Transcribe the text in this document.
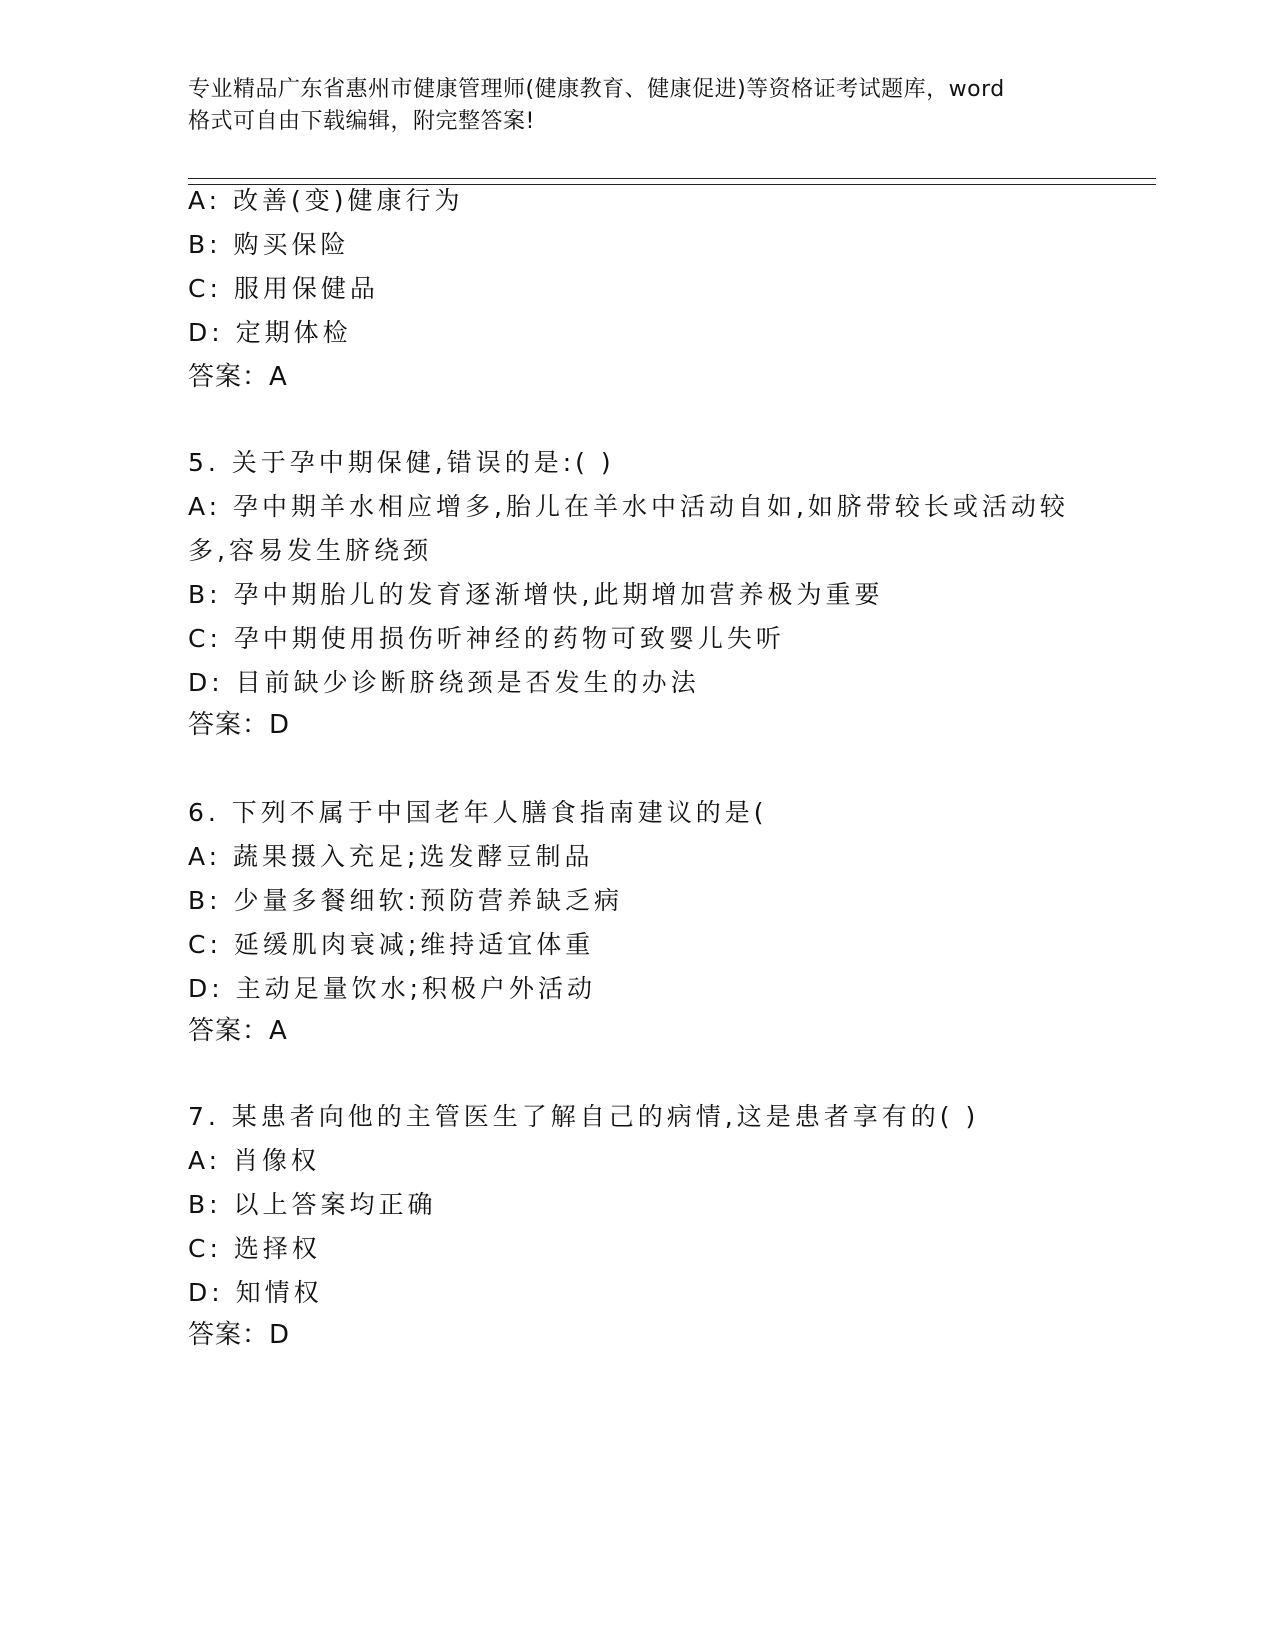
专业精品广东省惠州市健康管理师(健康教育、健康促进)等资格证考试题库，word
格式可自由下载编辑，附完整答案!
A: 改善(变)健康行为
B: 购买保险
C: 服用保健品
D: 定期体检
答案：A
5. 关于孕中期保健,错误的是:( )
A: 孕中期羊水相应增多,胎儿在羊水中活动自如,如脐带较长或活动较
多,容易发生脐绕颈
B: 孕中期胎儿的发育逐渐增快,此期增加营养极为重要
C: 孕中期使用损伤听神经的药物可致婴儿失听
D: 目前缺少诊断脐绕颈是否发生的办法
答案：D
6. 下列不属于中国老年人膳食指南建议的是(
A: 蔬果摄入充足;选发酵豆制品
B: 少量多餐细软:预防营养缺乏病
C: 延缓肌肉衰减;维持适宜体重
D: 主动足量饮水;积极户外活动
答案：A
7. 某患者向他的主管医生了解自己的病情,这是患者享有的( )
A: 肖像权
B: 以上答案均正确
C: 选择权
D: 知情权
答案：D
